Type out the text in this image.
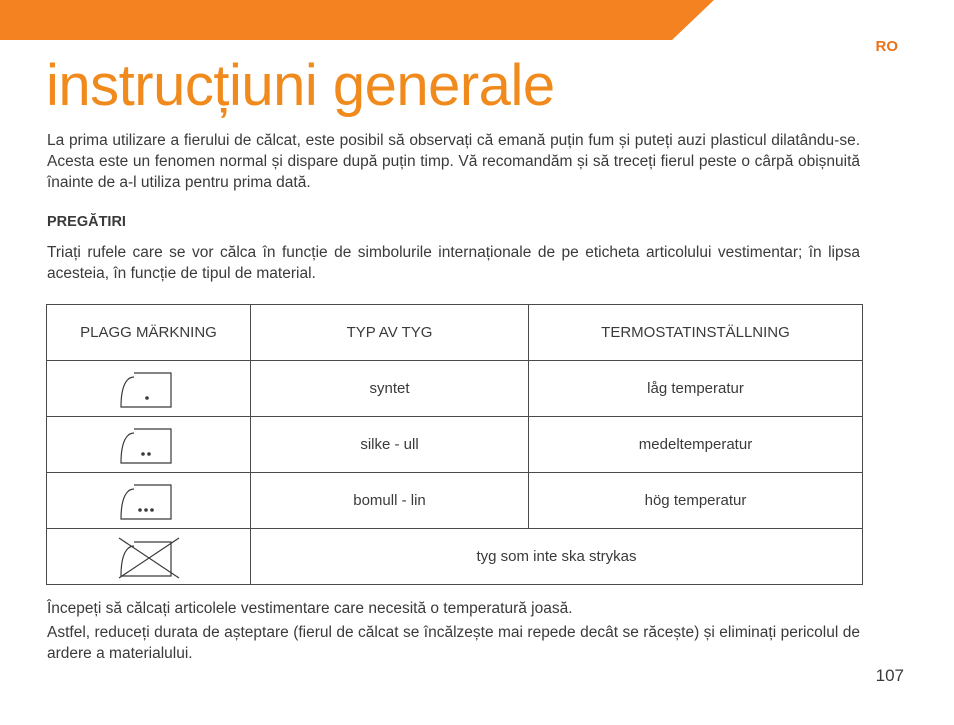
RO
instrucțiuni generale

La prima utilizare a fierului de călcat, este posibil să observați că emană puțin fum și puteți auzi plasticul dilatându-se. Acesta este un fenomen normal și dispare după puțin timp. Vă recomandăm și să treceți fierul peste o cârpă obișnuită înainte de a-l utiliza pentru prima dată.

PREGĂTIRI

Triați rufele care se vor călca în funcție de simbolurile internaționale de pe eticheta articolului vestimentar; în lipsa acesteia, în funcție de tipul de material.

PLAGG MÄRKNING	TYP AV TYG	TERMOSTATINSTÄLLNING

	syntet	låg temperatur

	silke - ull	medeltemperatur

	bomull - lin	hög temperatur

	tyg som inte ska strykas	

Începeți să călcați articolele vestimentare care necesită o temperatură joasă.

Astfel, reduceți durata de așteptare (fierul de călcat se încălzește mai repede decât se răcește) și eliminați pericolul de ardere a materialului.

107
